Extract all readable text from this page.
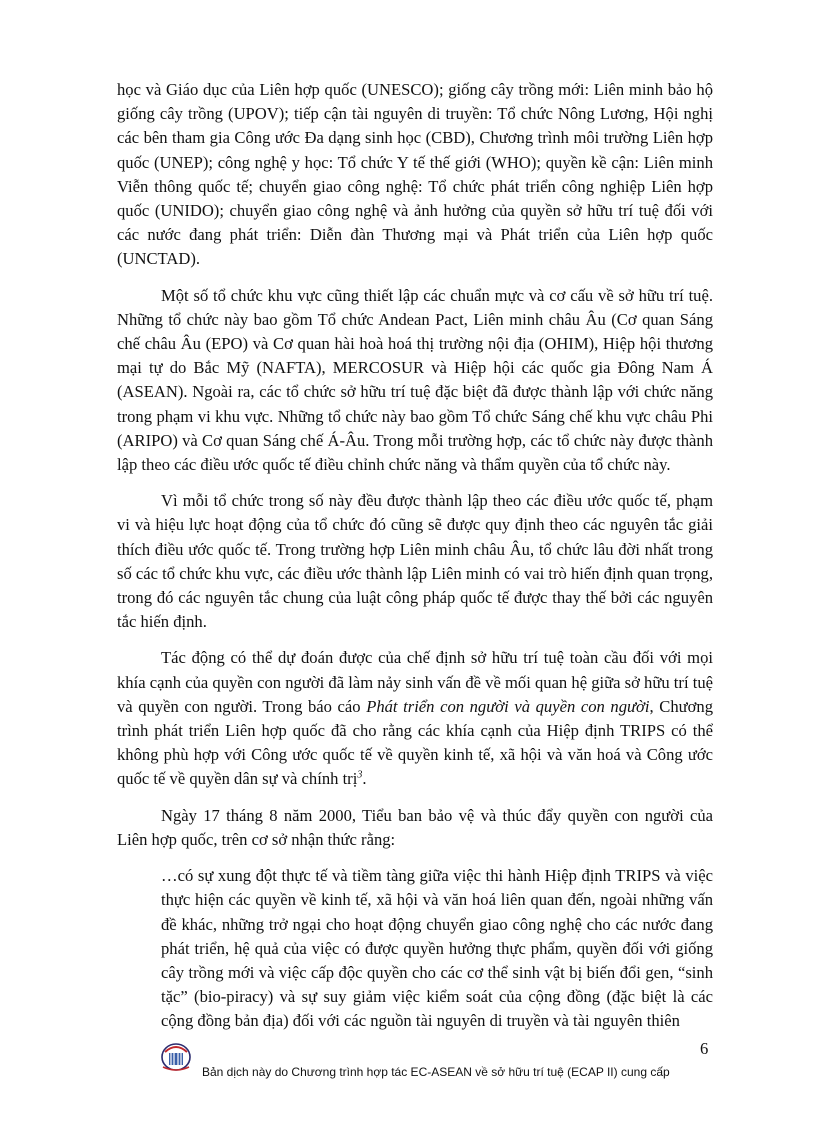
học và Giáo dục của Liên hợp quốc (UNESCO); giống cây trồng mới: Liên minh bảo hộ giống cây trồng (UPOV); tiếp cận tài nguyên di truyền: Tổ chức Nông Lương, Hội nghị các bên tham gia Công ước Đa dạng sinh học (CBD), Chương trình môi trường Liên hợp quốc (UNEP); công nghệ y học: Tổ chức Y tế thế giới (WHO); quyền kề cận: Liên minh Viễn thông quốc tế; chuyển giao công nghệ: Tổ chức phát triển công nghiệp Liên hợp quốc (UNIDO); chuyển giao công nghệ và ảnh hưởng của quyền sở hữu trí tuệ đối với các nước đang phát triển: Diễn đàn Thương mại và Phát triển của Liên hợp quốc (UNCTAD).

Một số tổ chức khu vực cũng thiết lập các chuẩn mực và cơ cấu về sở hữu trí tuệ. Những tổ chức này bao gồm Tổ chức Andean Pact, Liên minh châu Âu (Cơ quan Sáng chế châu Âu (EPO) và Cơ quan hài hoà hoá thị trường nội địa (OHIM), Hiệp hội thương mại tự do Bắc Mỹ (NAFTA), MERCOSUR và Hiệp hội các quốc gia Đông Nam Á (ASEAN). Ngoài ra, các tổ chức sở hữu trí tuệ đặc biệt đã được thành lập với chức năng trong phạm vi khu vực. Những tổ chức này bao gồm Tổ chức Sáng chế khu vực châu Phi (ARIPO) và Cơ quan Sáng chế Á-Âu. Trong mỗi trường hợp, các tổ chức này được thành lập theo các điều ước quốc tế điều chỉnh chức năng và thẩm quyền của tổ chức này.

Vì mỗi tổ chức trong số này đều được thành lập theo các điều ước quốc tế, phạm vi và hiệu lực hoạt động của tổ chức đó cũng sẽ được quy định theo các nguyên tắc giải thích điều ước quốc tế. Trong trường hợp Liên minh châu Âu, tổ chức lâu đời nhất trong số các tổ chức khu vực, các điều ước thành lập Liên minh có vai trò hiến định quan trọng, trong đó các nguyên tắc chung của luật công pháp quốc tế được thay thế bởi các nguyên tắc hiến định.

Tác động có thể dự đoán được của chế định sở hữu trí tuệ toàn cầu đối với mọi khía cạnh của quyền con người đã làm nảy sinh vấn đề về mối quan hệ giữa sở hữu trí tuệ và quyền con người. Trong báo cáo Phát triển con người và quyền con người, Chương trình phát triển Liên hợp quốc đã cho rằng các khía cạnh của Hiệp định TRIPS có thể không phù hợp với Công ước quốc tế về quyền kinh tế, xã hội và văn hoá và Công ước quốc tế về quyền dân sự và chính trị$^3$.

Ngày 17 tháng 8 năm 2000, Tiểu ban bảo vệ và thúc đẩy quyền con người của Liên hợp quốc, trên cơ sở nhận thức rằng:

…có sự xung đột thực tế và tiềm tàng giữa việc thi hành Hiệp định TRIPS và việc thực hiện các quyền về kinh tế, xã hội và văn hoá liên quan đến, ngoài những vấn đề khác, những trở ngại cho hoạt động chuyển giao công nghệ cho các nước đang phát triển, hệ quả của việc có được quyền hưởng thực phẩm, quyền đối với giống cây trồng mới và việc cấp độc quyền cho các cơ thể sinh vật bị biến đổi gen, “sinh tặc” (bio-piracy) và sự suy giảm việc kiểm soát của cộng đồng (đặc biệt là các cộng đồng bản địa) đối với các nguồn tài nguyên di truyền và tài nguyên thiên

6
Bản dịch này do Chương trình hợp tác EC-ASEAN về sở hữu trí tuệ (ECAP II) cung cấp
